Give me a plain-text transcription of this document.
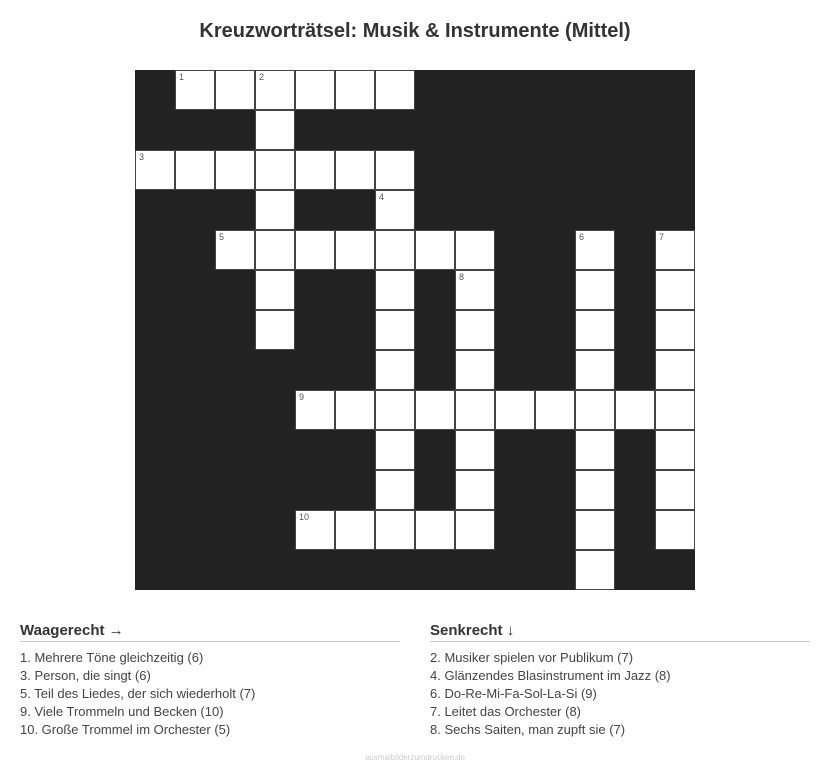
Kreuzworträtsel: Musik & Instrumente (Mittel)
1	2
3
4
5	6	7
8
9
10
Waagerecht →
1. Mehrere Töne gleichzeitig (6)
3. Person, die singt (6)
5. Teil des Liedes, der sich wiederholt (7)
9. Viele Trommeln und Becken (10)
10. Große Trommel im Orchester (5)
Senkrecht ↓
2. Musiker spielen vor Publikum (7)
4. Glänzendes Blasinstrument im Jazz (8)
6. Do-Re-Mi-Fa-Sol-La-Si (9)
7. Leitet das Orchester (8)
8. Sechs Saiten, man zupft sie (7)
ausmalbilderzumdrucken.de
